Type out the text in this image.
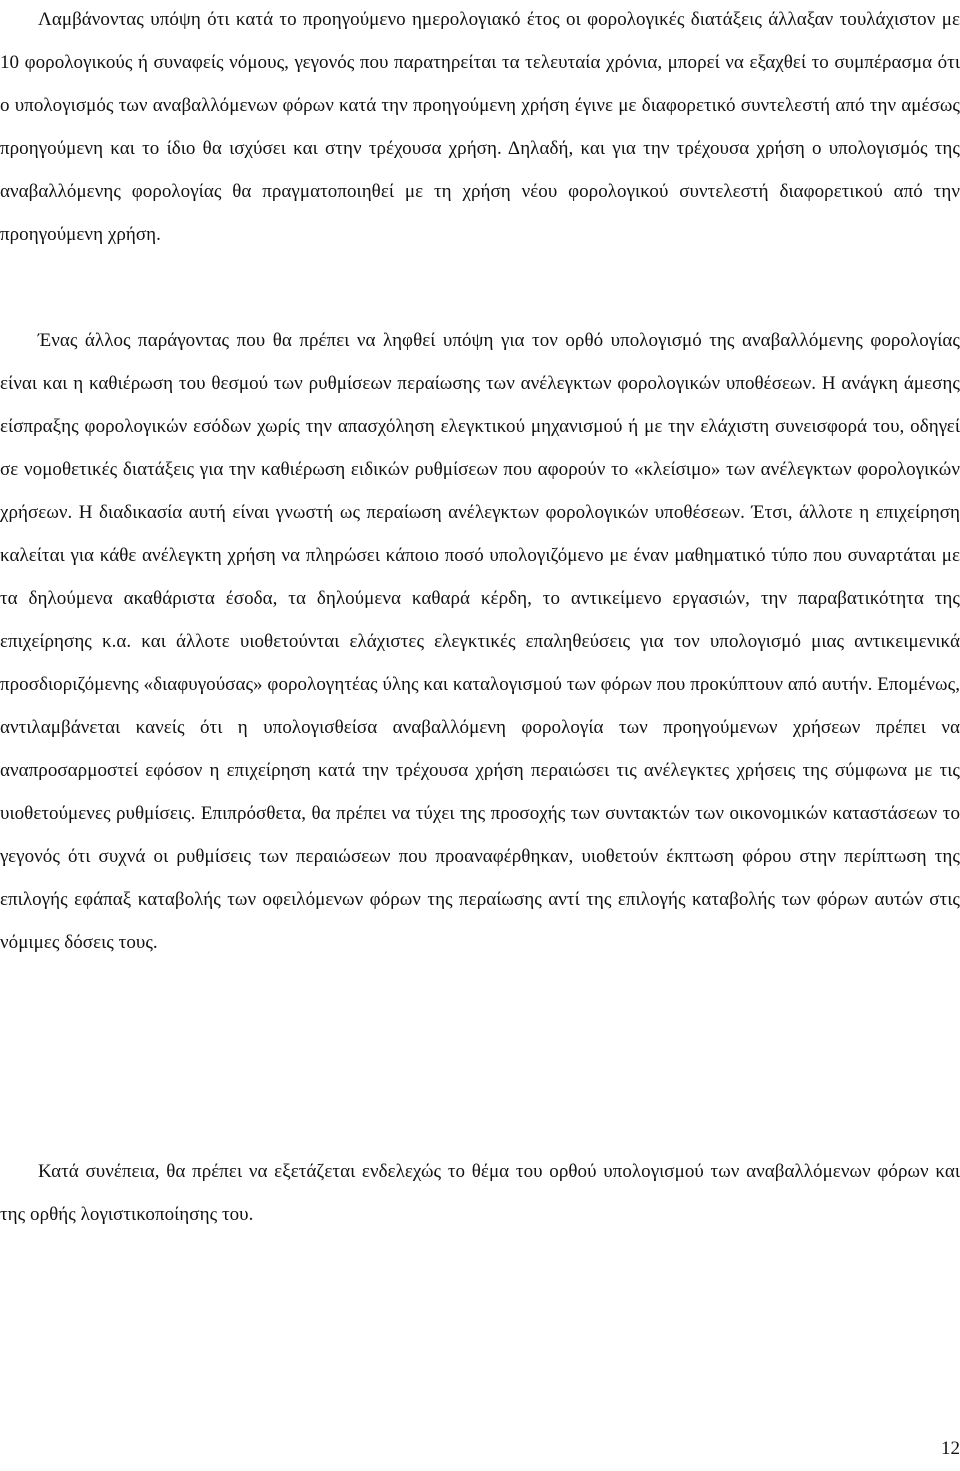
Λαμβάνοντας υπόψη ότι κατά το προηγούμενο ημερολογιακό έτος οι φορολογικές διατάξεις άλλαξαν τουλάχιστον με 10 φορολογικούς ή συναφείς νόμους, γεγονός που παρατηρείται τα τελευταία χρόνια, μπορεί να εξαχθεί το συμπέρασμα ότι ο υπολογισμός των αναβαλλόμενων φόρων κατά την προηγούμενη χρήση έγινε με διαφορετικό συντελεστή από την αμέσως προηγούμενη και το ίδιο θα ισχύσει και στην τρέχουσα χρήση. Δηλαδή, και για την τρέχουσα χρήση ο υπολογισμός της αναβαλλόμενης φορολογίας θα πραγματοποιηθεί με τη χρήση νέου φορολογικού συντελεστή διαφορετικού από την προηγούμενη χρήση.

Ένας άλλος παράγοντας που θα πρέπει να ληφθεί υπόψη για τον ορθό υπολογισμό της αναβαλλόμενης φορολογίας είναι και η καθιέρωση του θεσμού των ρυθμίσεων περαίωσης των ανέλεγκτων φορολογικών υποθέσεων. Η ανάγκη άμεσης είσπραξης φορολογικών εσόδων χωρίς την απασχόληση ελεγκτικού μηχανισμού ή με την ελάχιστη συνεισφορά του, οδηγεί σε νομοθετικές διατάξεις για την καθιέρωση ειδικών ρυθμίσεων που αφορούν το «κλείσιμο» των ανέλεγκτων φορολογικών χρήσεων. Η διαδικασία αυτή είναι γνωστή ως περαίωση ανέλεγκτων φορολογικών υποθέσεων. Έτσι, άλλοτε η επιχείρηση καλείται για κάθε ανέλεγκτη χρήση να πληρώσει κάποιο ποσό υπολογιζόμενο με έναν μαθηματικό τύπο που συναρτάται με τα δηλούμενα ακαθάριστα έσοδα, τα δηλούμενα καθαρά κέρδη, το αντικείμενο εργασιών, την παραβατικότητα της επιχείρησης κ.α. και άλλοτε υιοθετούνται ελάχιστες ελεγκτικές επαληθεύσεις για τον υπολογισμό μιας αντικειμενικά προσδιοριζόμενης «διαφυγούσας» φορολογητέας ύλης και καταλογισμού των φόρων που προκύπτουν από αυτήν. Επομένως, αντιλαμβάνεται κανείς ότι η υπολογισθείσα αναβαλλόμενη φορολογία των προηγούμενων χρήσεων πρέπει να αναπροσαρμοστεί εφόσον η επιχείρηση κατά την τρέχουσα χρήση περαιώσει τις ανέλεγκτες χρήσεις της σύμφωνα με τις υιοθετούμενες ρυθμίσεις. Επιπρόσθετα, θα πρέπει να τύχει της προσοχής των συντακτών των οικονομικών καταστάσεων το γεγονός ότι συχνά οι ρυθμίσεις των περαιώσεων που προαναφέρθηκαν, υιοθετούν έκπτωση φόρου στην περίπτωση της επιλογής εφάπαξ καταβολής των οφειλόμενων φόρων της περαίωσης αντί της επιλογής καταβολής των φόρων αυτών στις νόμιμες δόσεις τους.

Κατά συνέπεια, θα πρέπει να εξετάζεται ενδελεχώς το θέμα του ορθού υπολογισμού των αναβαλλόμενων φόρων και της ορθής λογιστικοποίησης του.

12
